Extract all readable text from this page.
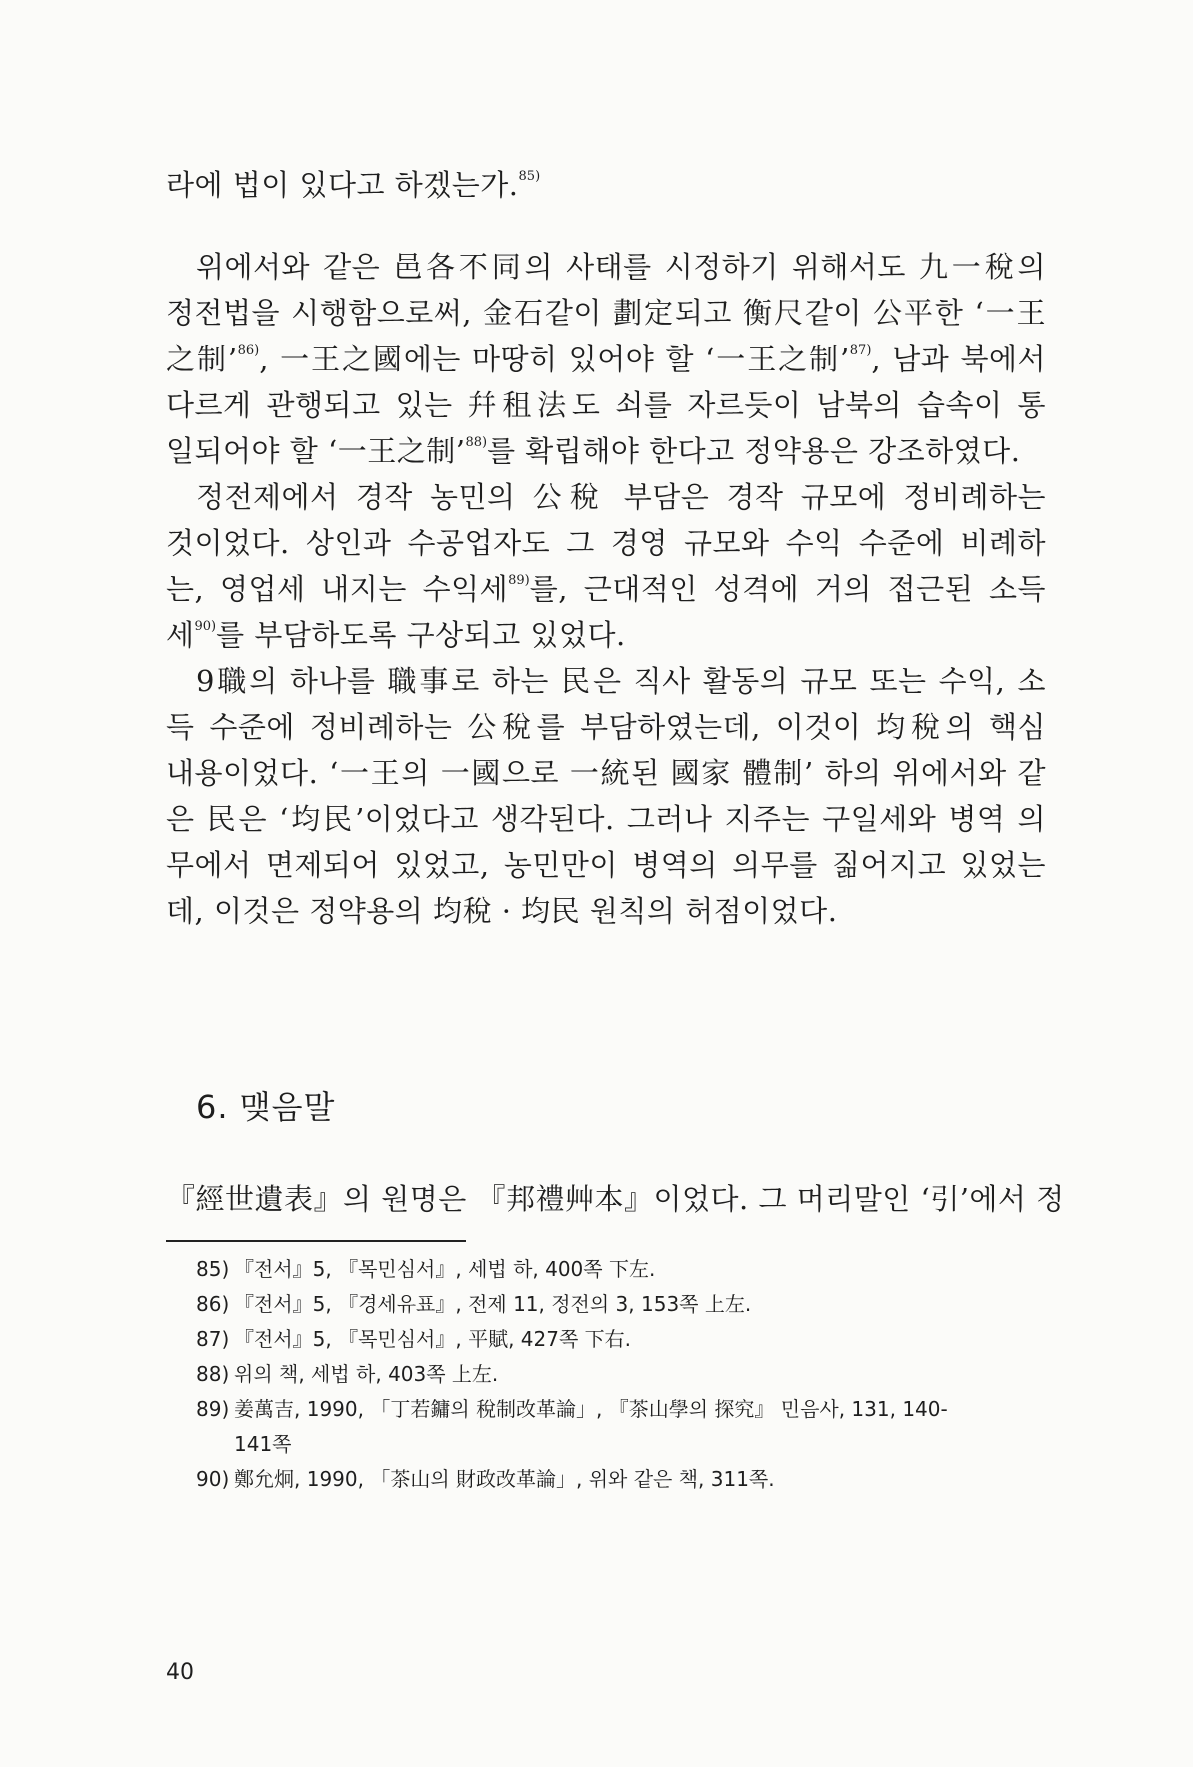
라에 법이 있다고 하겠는가.$^{85)}$
위에서와 같은 邑各不同의 사태를 시정하기 위해서도 九一稅의
정전법을 시행함으로써, 金石같이 劃定되고 衡尺같이 公平한 ‘一王
之制’$^{86)}$, 一王之國에는 마땅히 있어야 할 ‘一王之制’$^{87)}$, 남과 북에서
다르게 관행되고 있는 幷租法도 쇠를 자르듯이 남북의 습속이 통
일되어야 할 ‘一王之制’$^{88)}$를 확립해야 한다고 정약용은 강조하였다.
정전제에서 경작 농민의 公稅 부담은 경작 규모에 정비례하는
것이었다. 상인과 수공업자도 그 경영 규모와 수익 수준에 비례하
는, 영업세 내지는 수익세$^{89)}$를, 근대적인 성격에 거의 접근된 소득
세$^{90)}$를 부담하도록 구상되고 있었다.
9職의 하나를 職事로 하는 民은 직사 활동의 규모 또는 수익, 소
득 수준에 정비례하는 公稅를 부담하였는데, 이것이 均稅의 핵심
내용이었다. ‘一王의 一國으로 一統된 國家 體制’ 하의 위에서와 같
은 民은 ‘均民’이었다고 생각된다. 그러나 지주는 구일세와 병역 의
무에서 면제되어 있었고, 농민만이 병역의 의무를 짊어지고 있었는
데, 이것은 정약용의 均稅 · 均民 원칙의 허점이었다.
6. 맺음말
『經世遺表』의 원명은 『邦禮艸本』이었다. 그 머리말인 ‘引’에서 정
85) 『전서』5, 『목민심서』, 세법 하, 400쪽 下左.
86) 『전서』5, 『경세유표』, 전제 11, 정전의 3, 153쪽 上左.
87) 『전서』5, 『목민심서』, 平賦, 427쪽 下右.
88) 위의 책, 세법 하, 403쪽 上左.
89) 姜萬吉, 1990, 「丁若鏞의 稅制改革論」, 『茶山學의 探究』 민음사, 131, 140-
141쪽
90) 鄭允炯, 1990, 「茶山의 財政改革論」, 위와 같은 책, 311쪽.
40
